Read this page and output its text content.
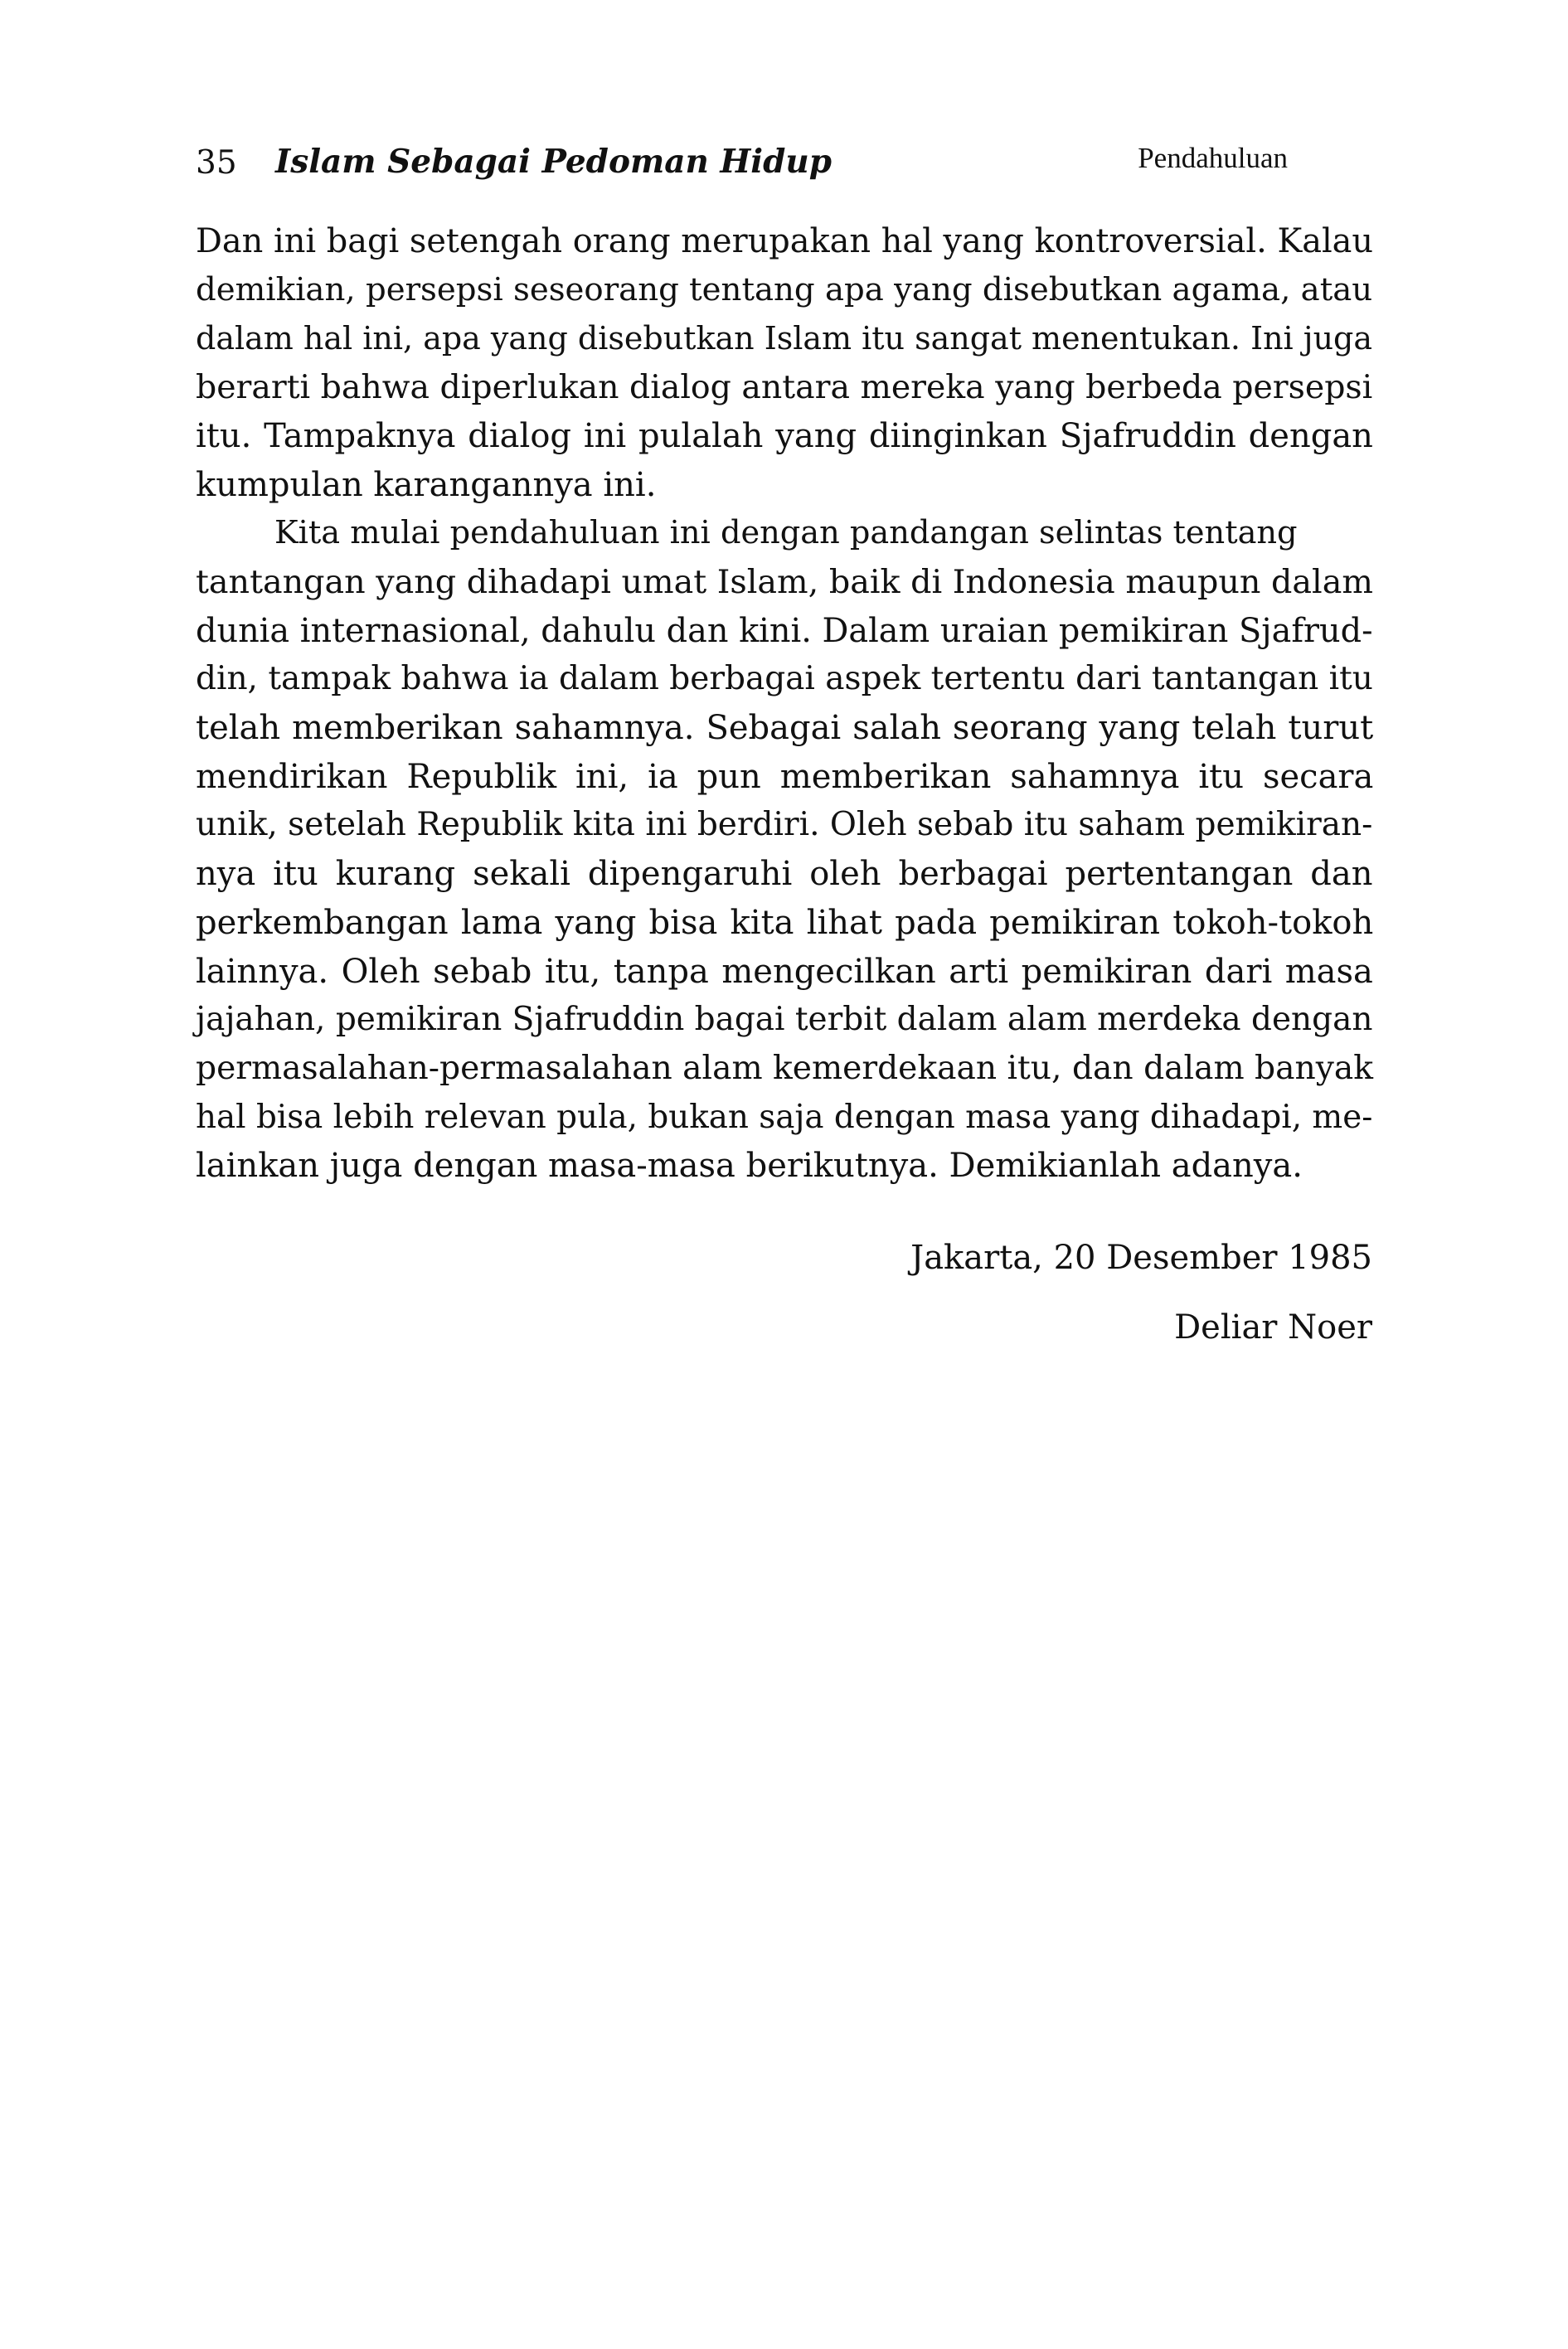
35 Islam Sebagai Pedoman Hidup	Pendahuluan
Dan ini bagi setengah orang merupakan hal yang kontroversial. Kalau
demikian, persepsi seseorang tentang apa yang disebutkan agama, atau
dalam hal ini, apa yang disebutkan Islam itu sangat menentukan. Ini juga
berarti bahwa diperlukan dialog antara mereka yang berbeda persepsi
itu. Tampaknya dialog ini pulalah yang diinginkan Sjafruddin dengan
kumpulan karangannya ini.
Kita mulai pendahuluan ini dengan pandangan selintas tentang
tantangan yang dihadapi umat Islam, baik di Indonesia maupun dalam
dunia internasional, dahulu dan kini. Dalam uraian pemikiran Sjafrud-
din, tampak bahwa ia dalam berbagai aspek tertentu dari tantangan itu
telah memberikan sahamnya. Sebagai salah seorang yang telah turut
mendirikan Republik ini, ia pun memberikan sahamnya itu secara
unik, setelah Republik kita ini berdiri. Oleh sebab itu saham pemikiran-
nya itu kurang sekali dipengaruhi oleh berbagai pertentangan dan
perkembangan lama yang bisa kita lihat pada pemikiran tokoh-tokoh
lainnya. Oleh sebab itu, tanpa mengecilkan arti pemikiran dari masa
jajahan, pemikiran Sjafruddin bagai terbit dalam alam merdeka dengan
permasalahan-permasalahan alam kemerdekaan itu, dan dalam banyak
hal bisa lebih relevan pula, bukan saja dengan masa yang dihadapi, me-
lainkan juga dengan masa-masa berikutnya. Demikianlah adanya.
Jakarta, 20 Desember 1985
Deliar Noer
